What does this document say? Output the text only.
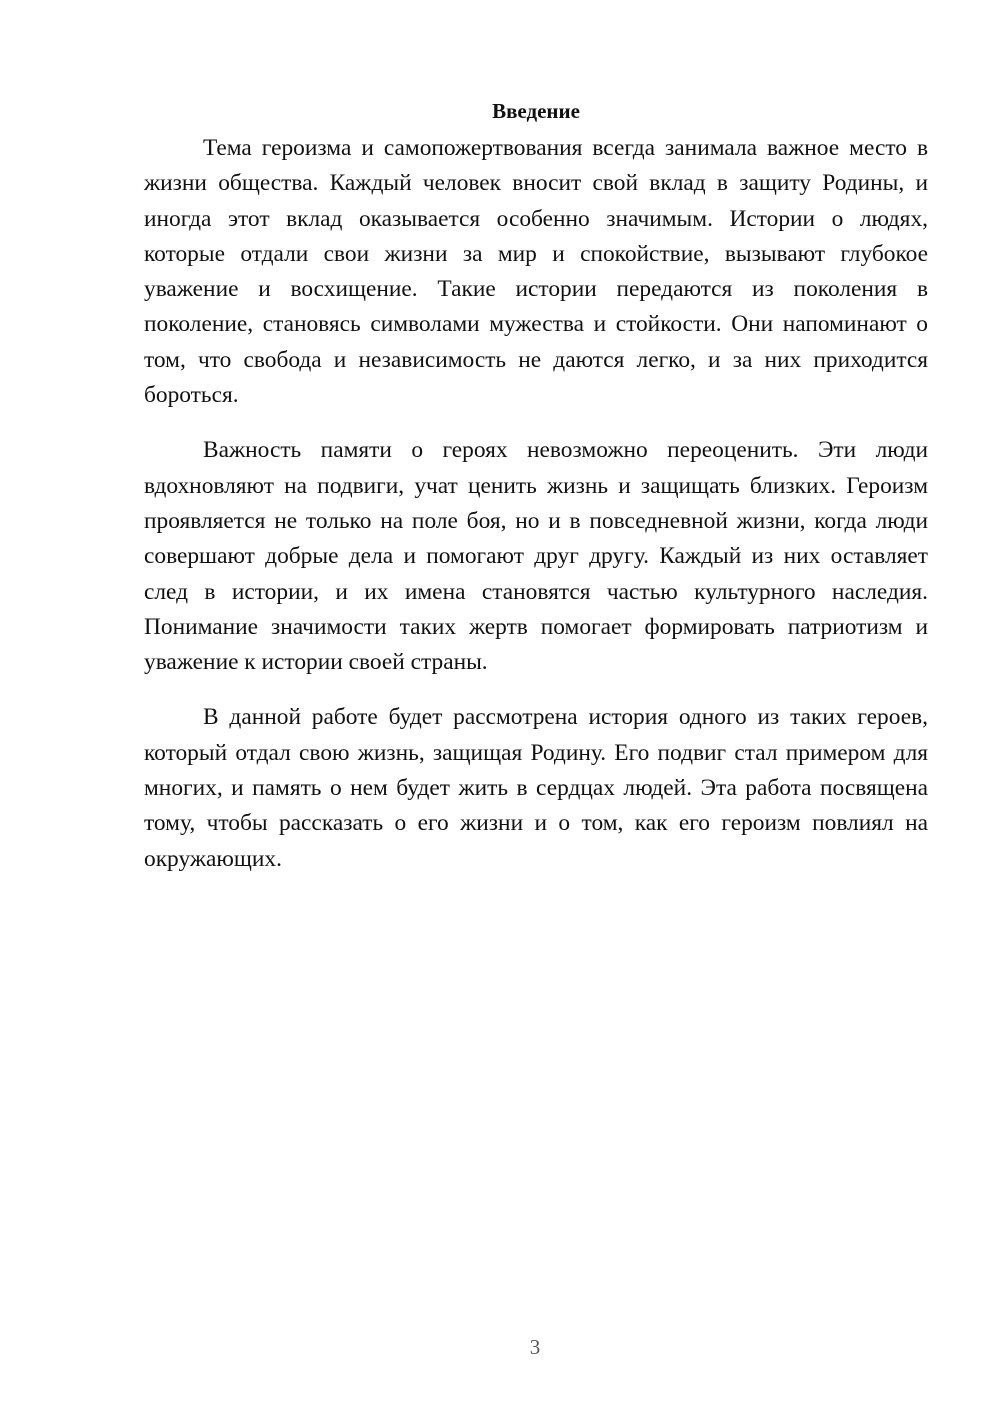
Введение

Тема героизма и самопожертвования всегда занимала важное место в жизни общества. Каждый человек вносит свой вклад в защиту Родины, и иногда этот вклад оказывается особенно значимым. Истории о людях, которые отдали свои жизни за мир и спокойствие, вызывают глубокое уважение и восхищение. Такие истории передаются из поколения в поколение, становясь символами мужества и стойкости. Они напоминают о том, что свобода и независимость не даются легко, и за них приходится бороться.

Важность памяти о героях невозможно переоценить. Эти люди вдохновляют на подвиги, учат ценить жизнь и защищать близких. Героизм проявляется не только на поле боя, но и в повседневной жизни, когда люди совершают добрые дела и помогают друг другу. Каждый из них оставляет след в истории, и их имена становятся частью культурного наследия. Понимание значимости таких жертв помогает формировать патриотизм и уважение к истории своей страны.

В данной работе будет рассмотрена история одного из таких героев, который отдал свою жизнь, защищая Родину. Его подвиг стал примером для многих, и память о нем будет жить в сердцах людей. Эта работа посвящена тому, чтобы рассказать о его жизни и о том, как его героизм повлиял на окружающих.

3
